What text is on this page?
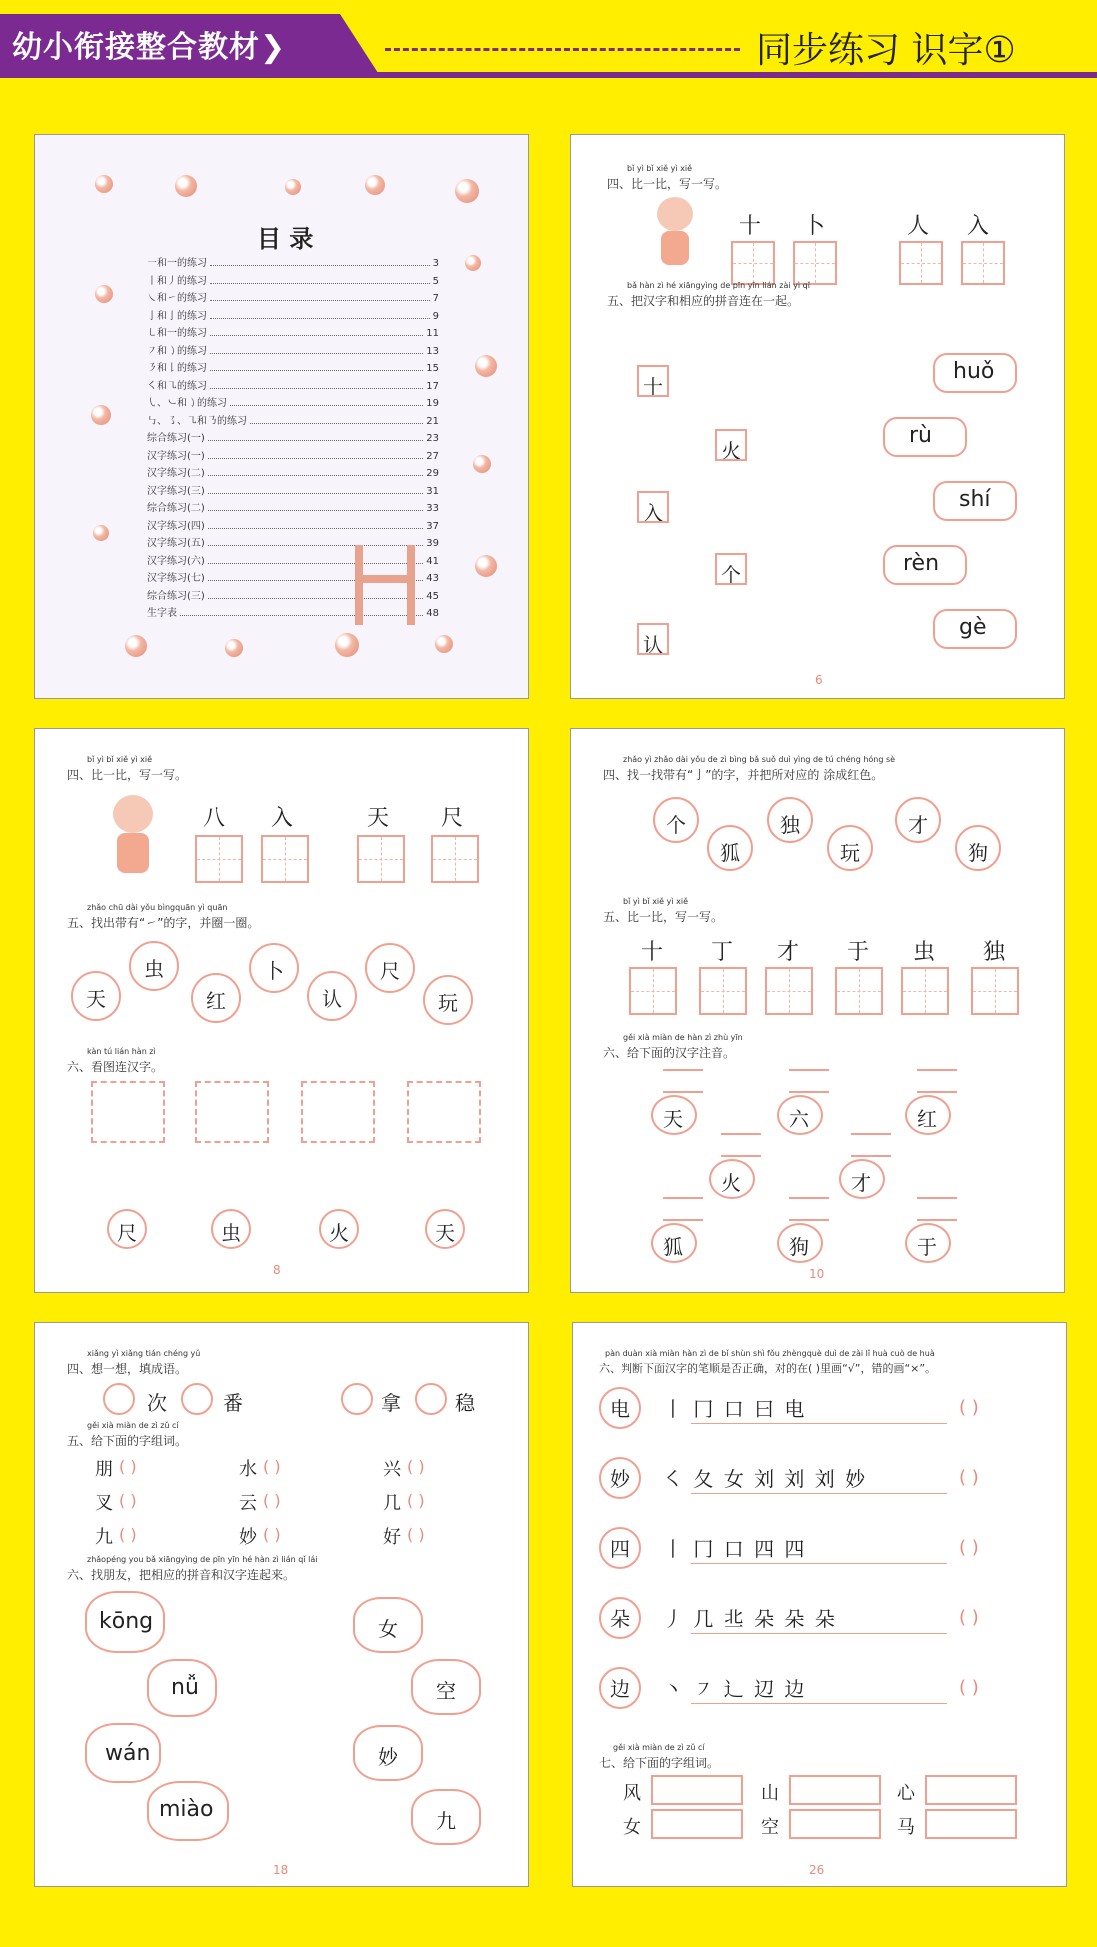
幼小衔接整合教材❯	同步练习 识字①
目 录
㇐和一的练习	3
丨和丿的练习	5
㇏和㇀的练习	7
亅和亅的练习	9
㇄和一的练习	11
㇇和㇁的练习	13
㇋和𠄌的练习	15
㇛和㇈的练习	17
㇂、㇃和㇁的练习	19
㇉、㇌、㇈和㇡的练习	21
综合练习(一)	23
汉字练习(一)	27
汉字练习(二)	29
汉字练习(三)	31
综合练习(二)	33
汉字练习(四)	37
汉字练习(五)	39
汉字练习(六)	41
汉字练习(七)	43
综合练习(三)	45
生字表	48
bǐ yì bǐ xiě yì xiě
四、比一比，写一写。
十 卜	人 入
bǎ hàn zì hé xiāngyìng de pīn yīn lián zài yì qǐ
五、把汉字和相应的拼音连在一起。
十
火
入
个
认
huǒ
rù
shí
rèn
gè
6
bǐ yì bǐ xiě yì xiě
四、比一比，写一写。
八 入	天 尺
zhǎo chū dài yǒu bìngquān yì quān
五、找出带有“㇀”的字，并圈一圈。
天
虫
红
卜
认
尺
玩
kàn tú lián hàn zì
六、看图连汉字。
尺	虫	火	天
8
zhǎo yì zhǎo dài yǒu de zì bìng bǎ suǒ duì yìng de tú chéng hóng sè
四、找一找带有“亅”的字，并把所对应的 涂成红色。
个
狐
独
玩
才
狗
bǐ yì bǐ xiě yì xiě
五、比一比，写一写。
十 丁 才 于 虫 独
gěi xià miàn de hàn zì zhù yīn
六、给下面的汉字注音。
天	六	红
火	才
狐	狗	于
10
xiǎng yì xiǎng tián chéng yǔ
四、想一想，填成语。
次	番	拿	稳
gěi xià miàn de zì zǔ cí
五、给下面的字组词。
朋 ( )	水 ( )	兴 ( )
叉 ( )	云 ( )	几 ( )
九 ( )	妙 ( )	好 ( )
zhǎopéng you bǎ xiāngyìng de pīn yīn hé hàn zì lián qǐ lái
六、找朋友，把相应的拼音和汉字连起来。
kōng
nǚ
wán
miào
女
空
妙
九
18
pàn duàn xià miàn hàn zì de bǐ shùn shì fǒu zhèngquè duì de zài lǐ huà cuò de huà
六、判断下面汉字的笔顺是否正确，对的在( )里画“√”，错的画“×”。
电 丨 冂 口 曰 电	( )
妙 ㇛ 夂 女 刘 刘 刘 妙	( )
四 丨 冂 口 四 四	( )
朵 丿 几 丠 朵 朵 朵	( )
边 丶 ㇇ 辶 辺 边	( )
gěi xià miàn de zì zǔ cí
七、给下面的字组词。
风	山	心
女	空	马
26
